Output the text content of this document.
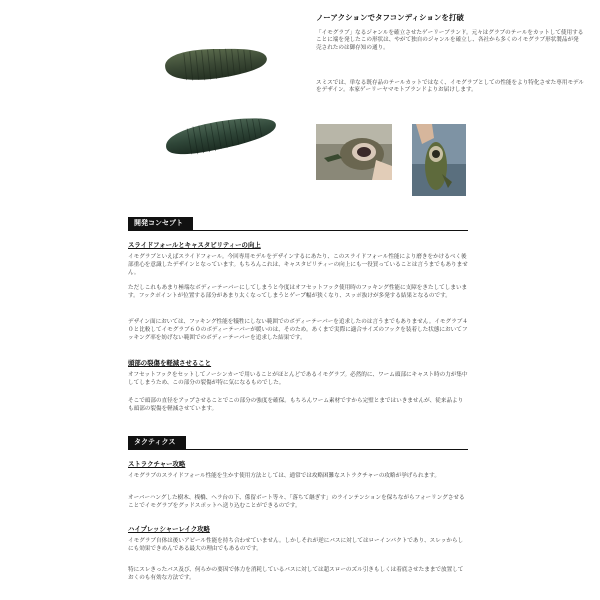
ノーアクションでタフコンディションを打破

「イモグラブ」なるジャンルを確立させたゲーリーブランド。元々はグラブのテールをカットして使用することに端を発したこの形状は、やがて独自のジャンルを確立し、各社から多くのイモグラブ形状製品が発売されたのは御存知の通り。

スミスでは、単なる既存品のテールカットではなく、イモグラブとしての性能をより特化させた専用モデルをデザイン。本家ゲーリーヤマモトブランドよりお届けします。

開発コンセプト
スライドフォールとキャスタビリティーの向上

イモグラブといえばスライドフォール。今回専用モデルをデザインするにあたり、このスライドフォール性能により磨きをかけるべく後部重心を意識したデザインとなっています。もちろんこれは、キャスタビリティーの向上にも一役買っていることは言うまでもありません。

ただしこれもあまり極端なボディーテーパーにしてしまうと今度はオフセットフック使用時のフッキング性能に支障をきたしてしまいます。フックポイントが位置する部分があまり太くなってしまうとゲープ幅が狭くなり、スッポ抜けが多発する結果となるのです。

デザイン面においては、フッキング性能を犠牲にしない範囲でのボディーテーパーを追求したのは言うまでもありません。イモグラブ４０と比較してイモグラブ６０のボディーテーパーが緩いのは、そのため。あくまで実際に適合サイズのフックを装着した状態においてフッキング率を妨げない範囲でのボディーテーパーを追求した結果です。

頭部の裂傷を軽減させること

オフセットフックをセットしてノーシンカーで用いることがほとんどであるイモグラブ。必然的に、ワーム頭部にキャスト時の力が集中してしまうため、この部分の裂傷が特に気になるものでした。

そこで頭部の直径をアップさせることでこの部分の強度を確保。もちろんワーム素材ですから完璧とまではいきませんが、従来品よりも頭部の裂傷を軽減させています。

タクティクス
ストラクチャー攻略

イモグラブのスライドフォール性能を生かす使用方法としては、通常では攻略困難なストラクチャーの攻略が挙げられます。

オーバーハングした樹木、桟橋、ヘラ台の下、係留ボート等々、「落ちて継ぎす」のラインテンションを保ちながらフォーリングさせることでイモグラブをグッドスポットへ送り込むことができるのです。

ハイプレッシャーレイク攻略

イモグラブ自体は後いアピール性能を持ち合わせていません。しかしそれが逆にバスに対してはローインパクトであり、スレッからしにも効果できめんである最大の理由でもあるのです。

特にスレきったバス及び、何らかの要因で体力を消耗しているバスに対しては超スローのズル引きもしくは着底させたままで放置しておくのも有効な方法です。
